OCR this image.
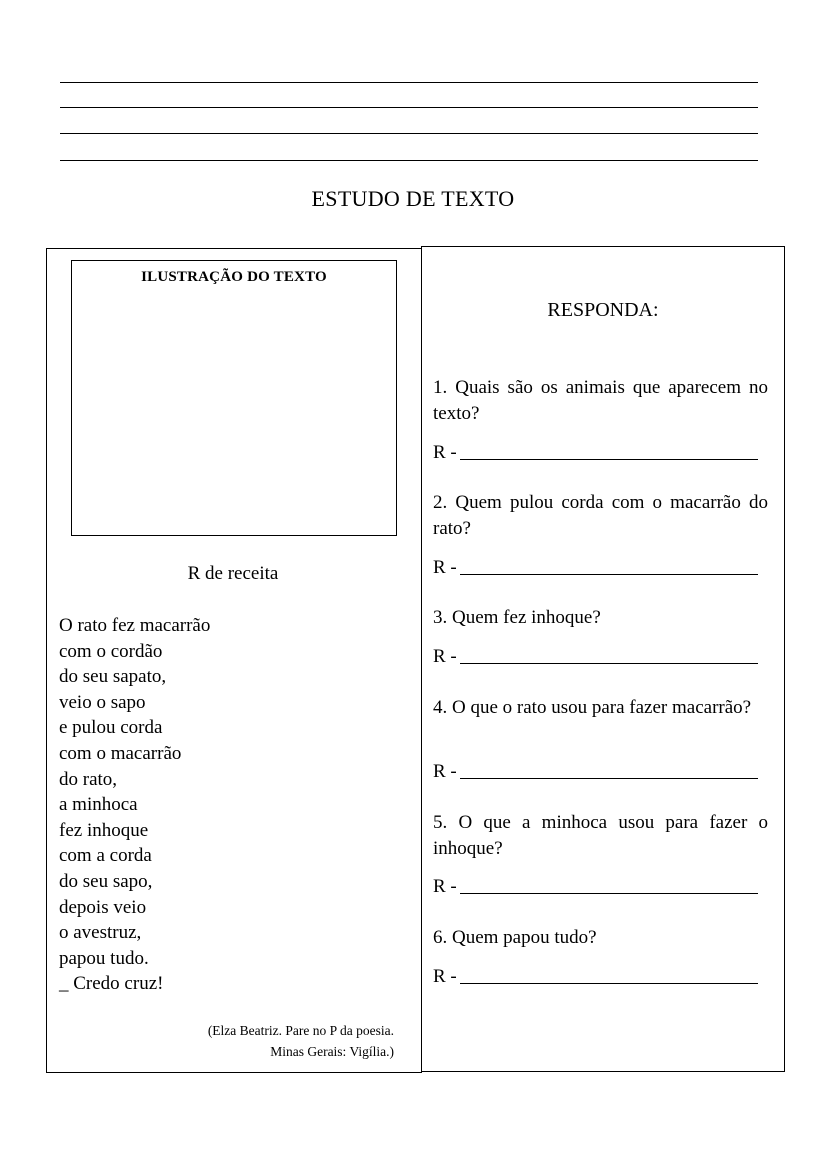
ESTUDO DE TEXTO
ILUSTRAÇÃO DO TEXTO
R de receita
O rato fez macarrão
com o cordão
do seu sapato,
veio o sapo
e pulou corda
com o macarrão
do rato,
a minhoca
fez inhoque
com a corda
do seu sapo,
depois veio
o avestruz,
papou tudo.
_ Credo cruz!
(Elza Beatriz. Pare no P da poesia.
Minas Gerais: Vigília.)
RESPONDA:
1. Quais são os animais que aparecem no texto?
R -
2. Quem pulou corda com o macarrão do rato?
R -
3. Quem fez inhoque?
R -
4. O que o rato usou para fazer macarrão?
R -
5. O que a minhoca usou para fazer o inhoque?
R -
6. Quem papou tudo?
R -
